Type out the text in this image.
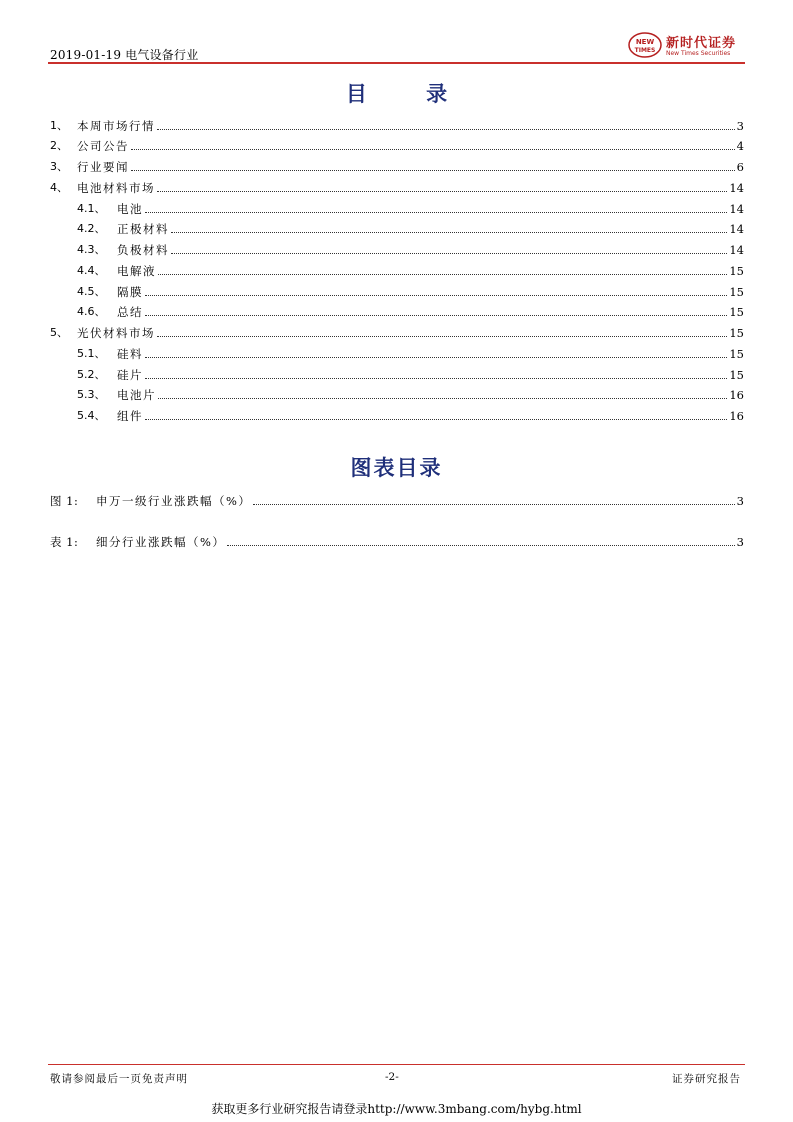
2019-01-19 电气设备行业
NEW
TIMES 新时代证券
New Times Securities
目 录
1、 本周市场行情	3
2、 公司公告	4
3、 行业要闻	6
4、 电池材料市场	14
4.1、	电池	14
4.2、	正极材料	14
4.3、	负极材料	14
4.4、	电解液	15
4.5、	隔膜	15
4.6、	总结	15
5、 光伏材料市场	15
5.1、	硅料	15
5.2、	硅片	15
5.3、	电池片	16
5.4、	组件	16
图表目录
图 1:	申万一级行业涨跌幅（%）	3
表 1:	细分行业涨跌幅（%）	3
敬请参阅最后一页免责声明	-2-	证券研究报告
获取更多行业研究报告请登录http://www.3mbang.com/hybg.html
